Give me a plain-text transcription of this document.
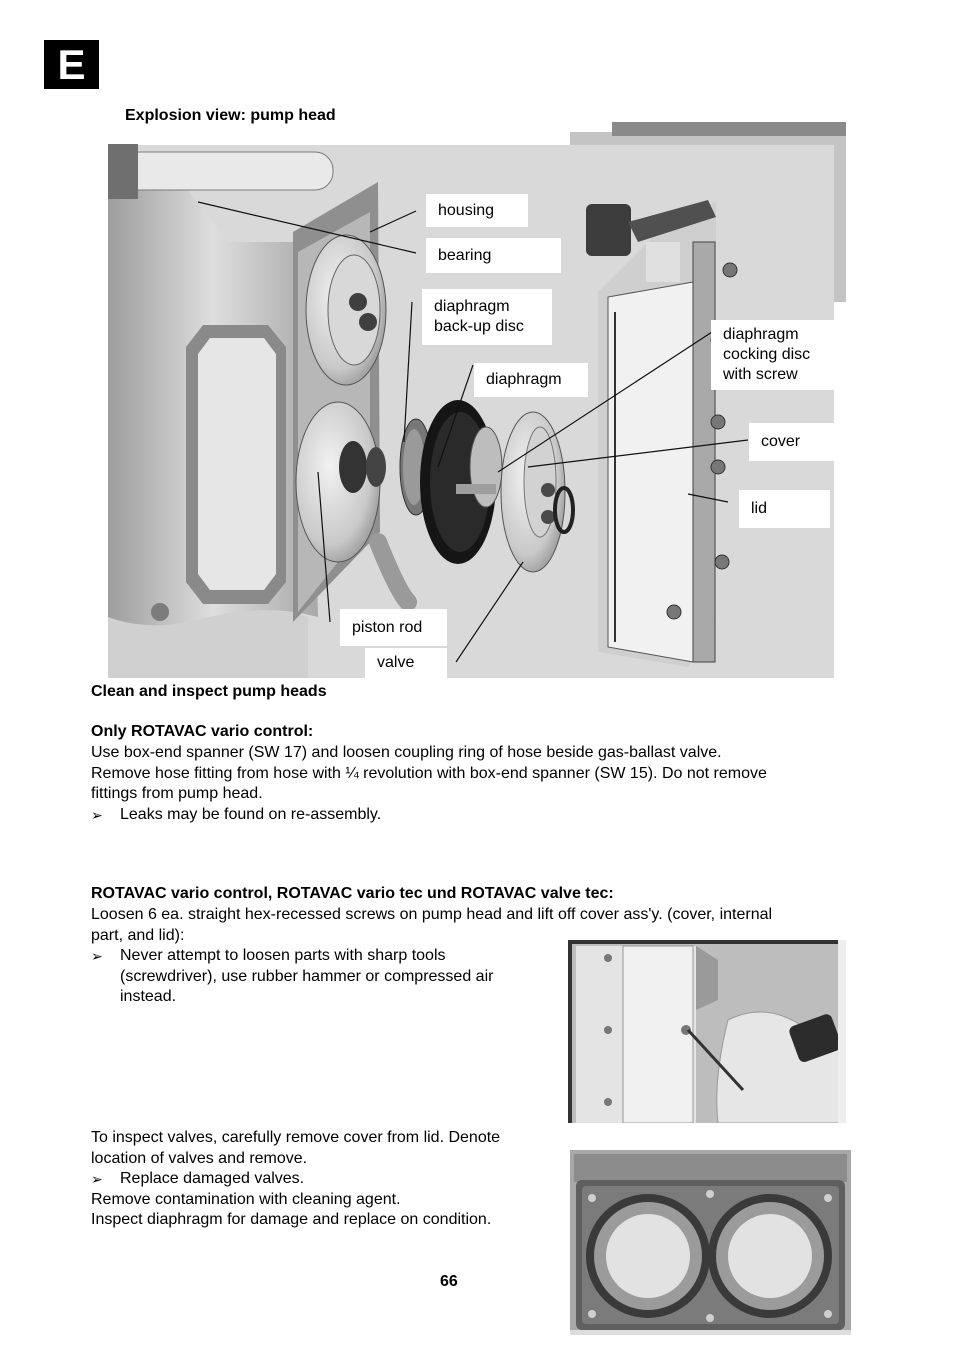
E
Explosion view: pump head
housing
bearing
diaphragm
back-up disc
diaphragm
diaphragm
cocking disc
with screw
cover
lid
piston rod
valve
Clean and inspect pump heads
Only ROTAVAC vario control:

Use box-end spanner (SW 17) and loosen coupling ring of hose beside gas-ballast valve.

Remove hose fitting from hose with ¼ revolution with box-end spanner (SW 15). Do not remove

fittings from pump head.

➢ Leaks may be found on re-assembly.

ROTAVAC vario control, ROTAVAC vario tec und ROTAVAC valve tec:

Loosen 6 ea. straight hex-recessed screws on pump head and lift off cover ass'y. (cover, internal

part, and lid):

➢ Never attempt to loosen parts with sharp tools

(screwdriver), use rubber hammer or compressed air

instead.

To inspect valves, carefully remove cover from lid. Denote

location of valves and remove.

➢ Replace damaged valves.

Remove contamination with cleaning agent.

Inspect diaphragm for damage and replace on condition.

66
